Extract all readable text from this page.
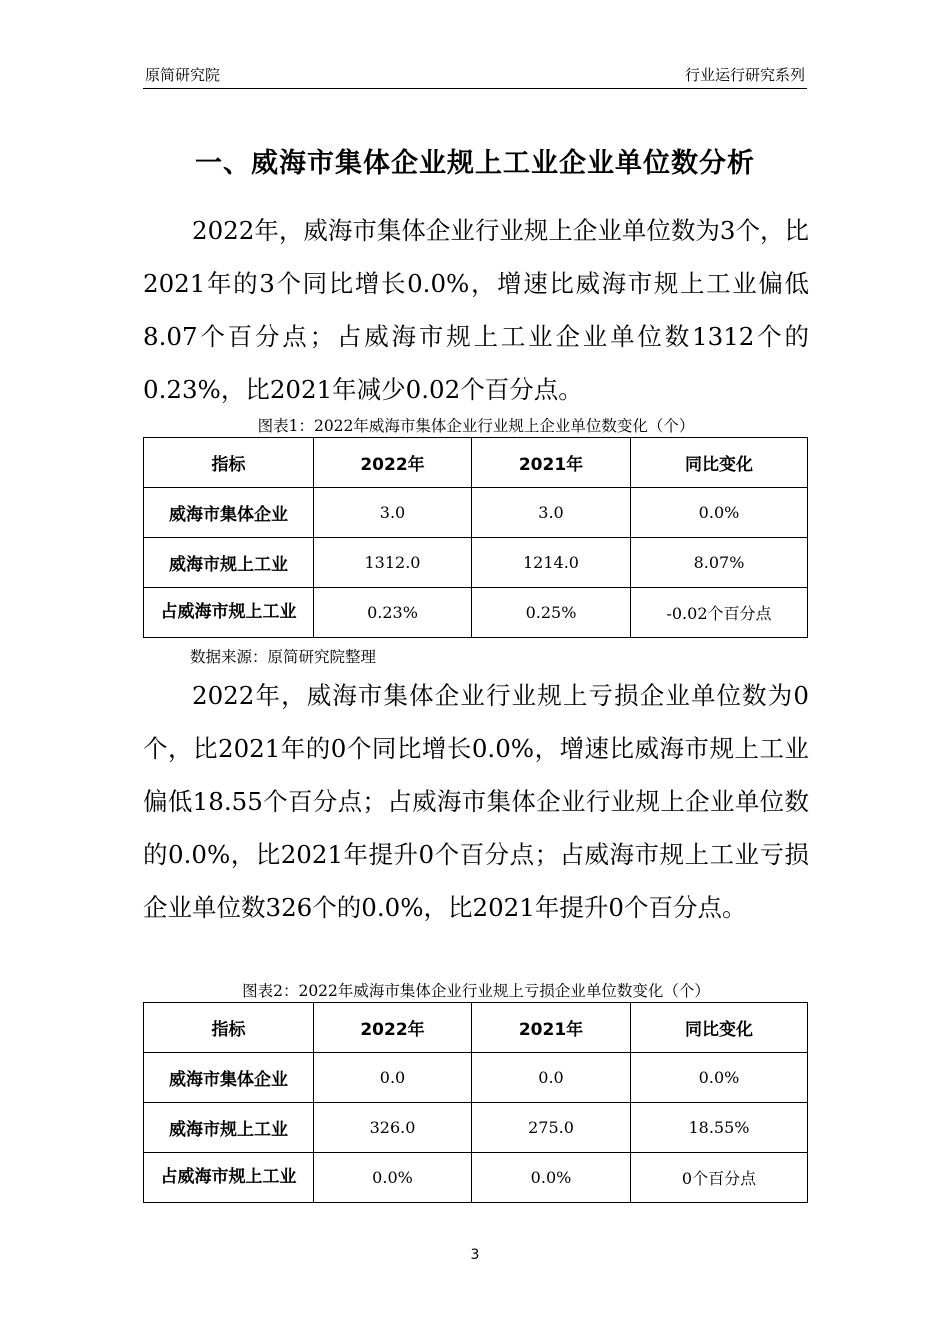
原简研究院	行业运行研究系列
一、威海市集体企业规上工业企业单位数分析
2022年，威海市集体企业行业规上企业单位数为3个，比2021年的3个同比增长0.0%，增速比威海市规上工业偏低8.07个百分点；占威海市规上工业企业单位数1312个的0.23%，比2021年减少0.02个百分点。
图表1：2022年威海市集体企业行业规上企业单位数变化（个）
指标	2022年	2021年	同比变化
威海市集体企业	3.0	3.0	0.0%
威海市规上工业	1312.0	1214.0	8.07%
占威海市规上工业	0.23%	0.25%	-0.02个百分点
数据来源：原简研究院整理
2022年，威海市集体企业行业规上亏损企业单位数为0个，比2021年的0个同比增长0.0%，增速比威海市规上工业偏低18.55个百分点；占威海市集体企业行业规上企业单位数的0.0%，比2021年提升0个百分点；占威海市规上工业亏损企业单位数326个的0.0%，比2021年提升0个百分点。
图表2：2022年威海市集体企业行业规上亏损企业单位数变化（个）
指标	2022年	2021年	同比变化
威海市集体企业	0.0	0.0	0.0%
威海市规上工业	326.0	275.0	18.55%
占威海市规上工业	0.0%	0.0%	0个百分点
3
